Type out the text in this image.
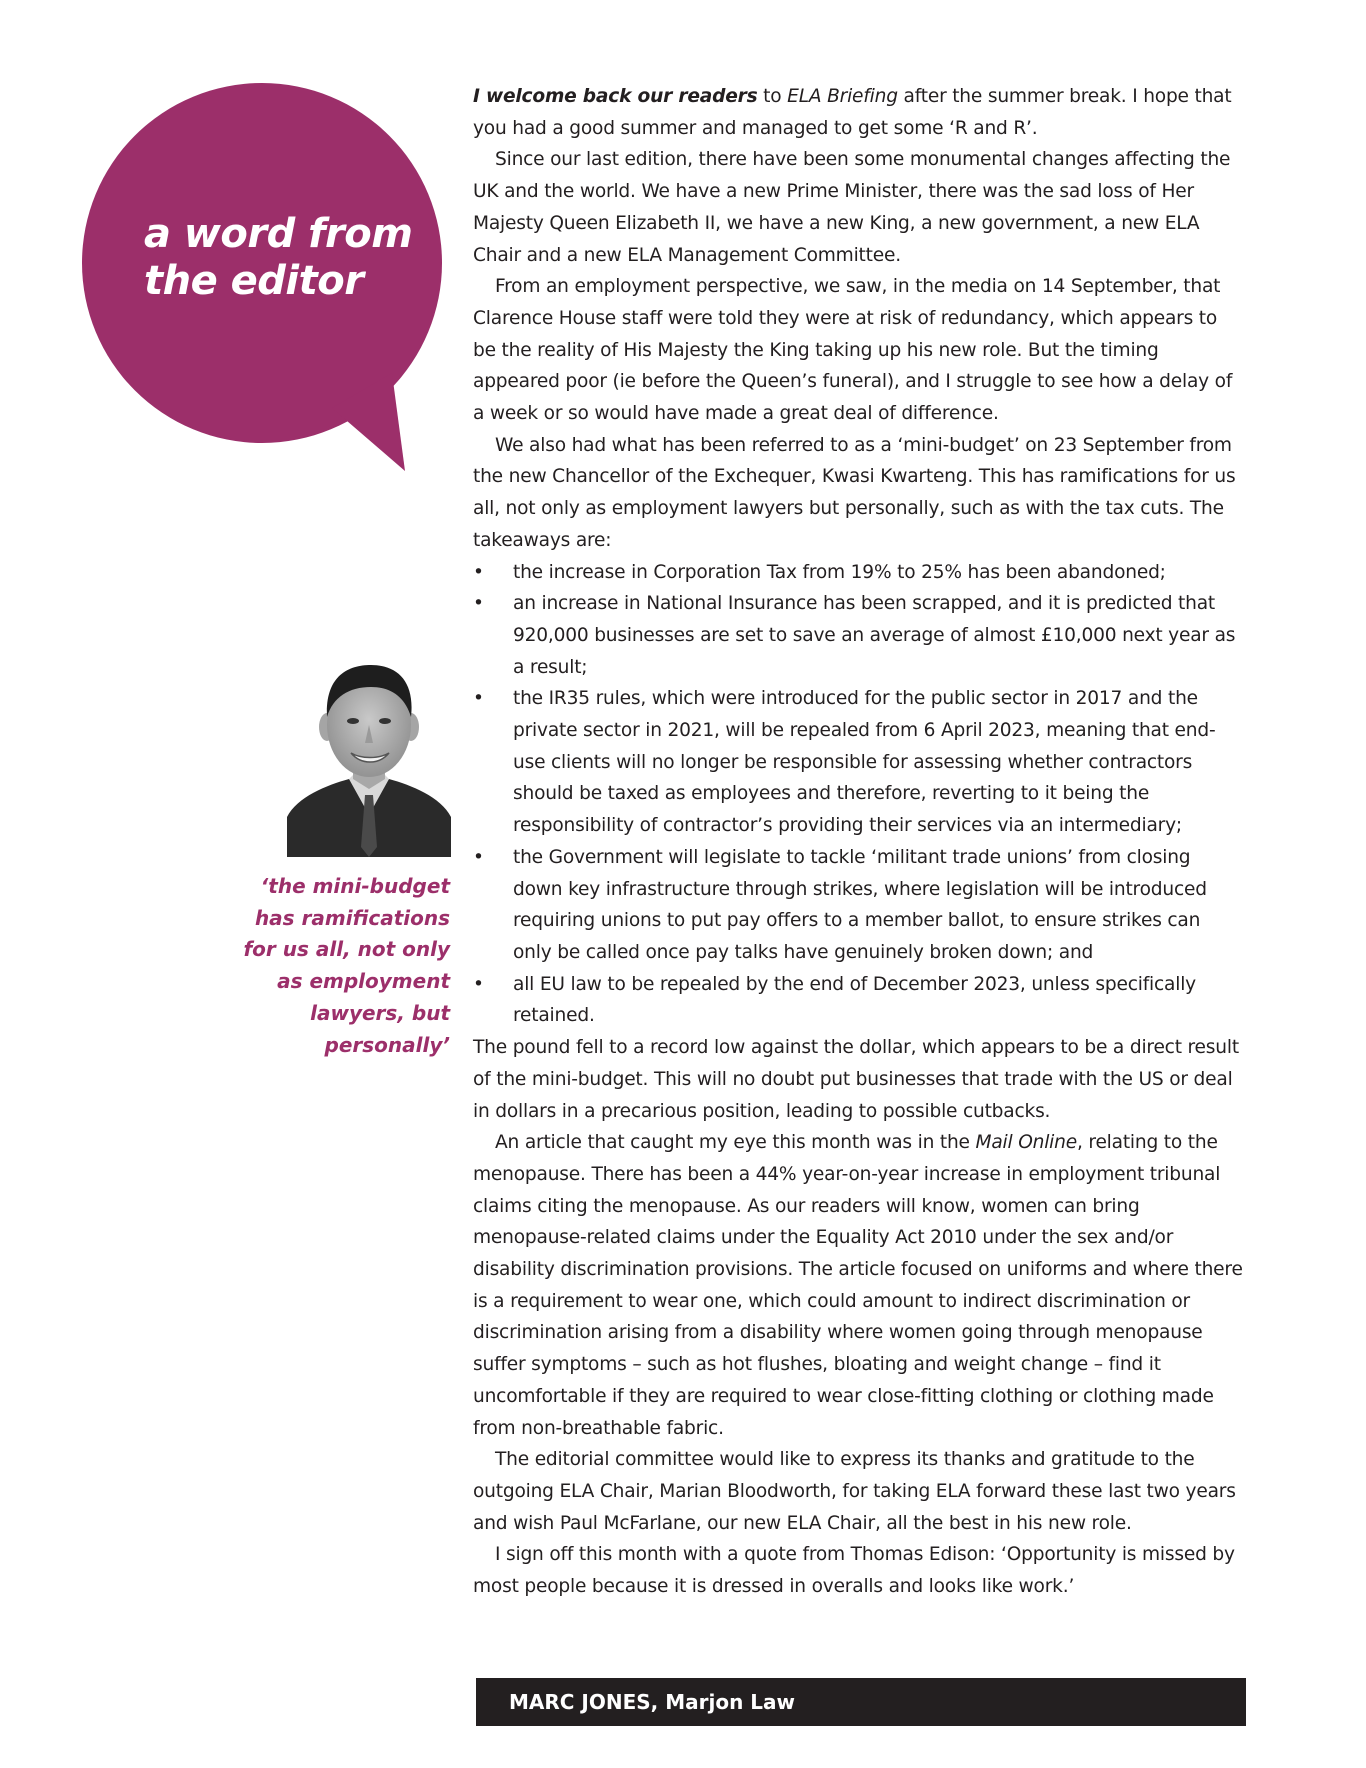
a word from
the editor
‘the mini-budget
has ramifications
for us all, not only
as employment
lawyers, but
personally’

I welcome back our readers to ELA Briefing after the summer break. I hope that you had a good summer and managed to get some ‘R and R’.

Since our last edition, there have been some monumental changes affecting the UK and the world. We have a new Prime Minister, there was the sad loss of Her Majesty Queen Elizabeth II, we have a new King, a new government, a new ELA Chair and a new ELA Management Committee.

From an employment perspective, we saw, in the media on 14 September, that Clarence House staff were told they were at risk of redundancy, which appears to be the reality of His Majesty the King taking up his new role. But the timing appeared poor (ie before the Queen’s funeral), and I struggle to see how a delay of a week or so would have made a great deal of difference.

We also had what has been referred to as a ‘mini-budget’ on 23 September from the new Chancellor of the Exchequer, Kwasi Kwarteng. This has ramifications for us all, not only as employment lawyers but personally, such as with the tax cuts. The takeaways are:

•	the increase in Corporation Tax from 19% to 25% has been abandoned;
•	an increase in National Insurance has been scrapped, and it is predicted that 920,000 businesses are set to save an average of almost £10,000 next year as a result;
•	the IR35 rules, which were introduced for the public sector in 2017 and the private sector in 2021, will be repealed from 6 April 2023, meaning that end-use clients will no longer be responsible for assessing whether contractors should be taxed as employees and therefore, reverting to it being the responsibility of contractor’s providing their services via an intermediary;
•	the Government will legislate to tackle ‘militant trade unions’ from closing down key infrastructure through strikes, where legislation will be introduced requiring unions to put pay offers to a member ballot, to ensure strikes can only be called once pay talks have genuinely broken down; and
•	all EU law to be repealed by the end of December 2023, unless specifically retained.

The pound fell to a record low against the dollar, which appears to be a direct result of the mini-budget. This will no doubt put businesses that trade with the US or deal in dollars in a precarious position, leading to possible cutbacks.

An article that caught my eye this month was in the Mail Online, relating to the menopause. There has been a 44% year-on-year increase in employment tribunal claims citing the menopause. As our readers will know, women can bring menopause-related claims under the Equality Act 2010 under the sex and/or disability discrimination provisions. The article focused on uniforms and where there is a requirement to wear one, which could amount to indirect discrimination or discrimination arising from a disability where women going through menopause suffer symptoms – such as hot flushes, bloating and weight change – find it uncomfortable if they are required to wear close-fitting clothing or clothing made from non-breathable fabric.

The editorial committee would like to express its thanks and gratitude to the outgoing ELA Chair, Marian Bloodworth, for taking ELA forward these last two years and wish Paul McFarlane, our new ELA Chair, all the best in his new role.

I sign off this month with a quote from Thomas Edison: ‘Opportunity is missed by most people because it is dressed in overalls and looks like work.’

MARC JONES, Marjon Law
